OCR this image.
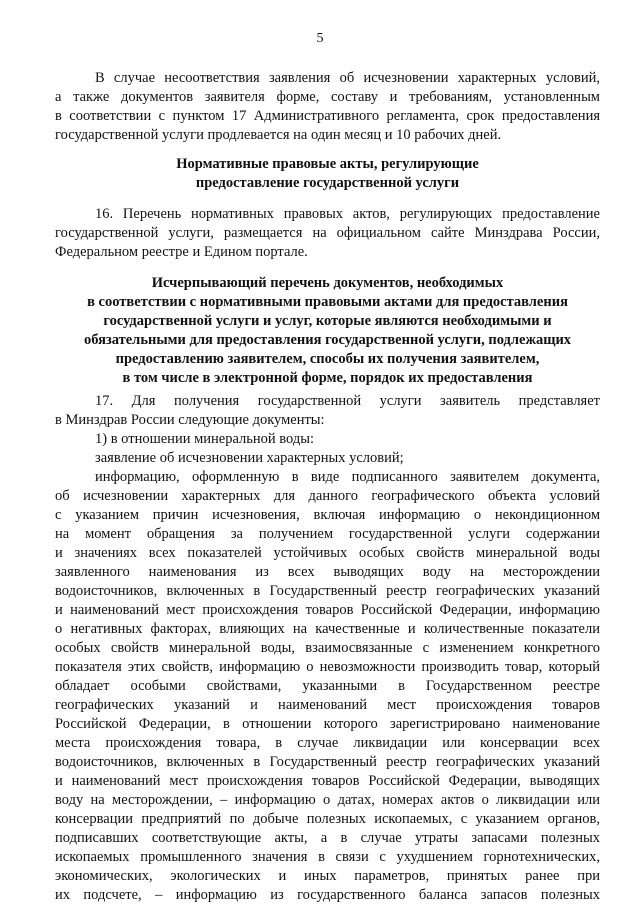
5
В случае несоответствия заявления об исчезновении характерных условий,
а также документов заявителя форме, составу и требованиям, установленным
в соответствии с пунктом 17 Административного регламента, срок предоставления
государственной услуги продлевается на один месяц и 10 рабочих дней.
Нормативные правовые акты, регулирующие
предоставление государственной услуги
16. Перечень нормативных правовых актов, регулирующих предоставление
государственной услуги, размещается на официальном сайте Минздрава России,
Федеральном реестре и Едином портале.
Исчерпывающий перечень документов, необходимых
в соответствии с нормативными правовыми актами для предоставления
государственной услуги и услуг, которые являются необходимыми и
обязательными для предоставления государственной услуги, подлежащих
предоставлению заявителем, способы их получения заявителем,
в том числе в электронной форме, порядок их предоставления
17. Для получения государственной услуги заявитель представляет
в Минздрав России следующие документы:
1) в отношении минеральной воды:
заявление об исчезновении характерных условий;
информацию, оформленную в виде подписанного заявителем документа,
об исчезновении характерных для данного географического объекта условий
с указанием причин исчезновения, включая информацию о некондиционном
на момент обращения за получением государственной услуги содержании
и значениях всех показателей устойчивых особых свойств минеральной воды
заявленного наименования из всех выводящих воду на месторождении
водоисточников, включенных в Государственный реестр географических указаний
и наименований мест происхождения товаров Российской Федерации, информацию
о негативных факторах, влияющих на качественные и количественные показатели
особых свойств минеральной воды, взаимосвязанные с изменением конкретного
показателя этих свойств, информацию о невозможности производить товар, который
обладает особыми свойствами, указанными в Государственном реестре
географических указаний и наименований мест происхождения товаров
Российской Федерации, в отношении которого зарегистрировано наименование
места происхождения товара, в случае ликвидации или консервации всех
водоисточников, включенных в Государственный реестр географических указаний
и наименований мест происхождения товаров Российской Федерации, выводящих
воду на месторождении, – информацию о датах, номерах актов о ликвидации или
консервации предприятий по добыче полезных ископаемых, с указанием органов,
подписавших соответствующие акты, а в случае утраты запасами полезных
ископаемых промышленного значения в связи с ухудшением горнотехнических,
экономических, экологических и иных параметров, принятых ранее при
их подсчете, – информацию из государственного баланса запасов полезных
